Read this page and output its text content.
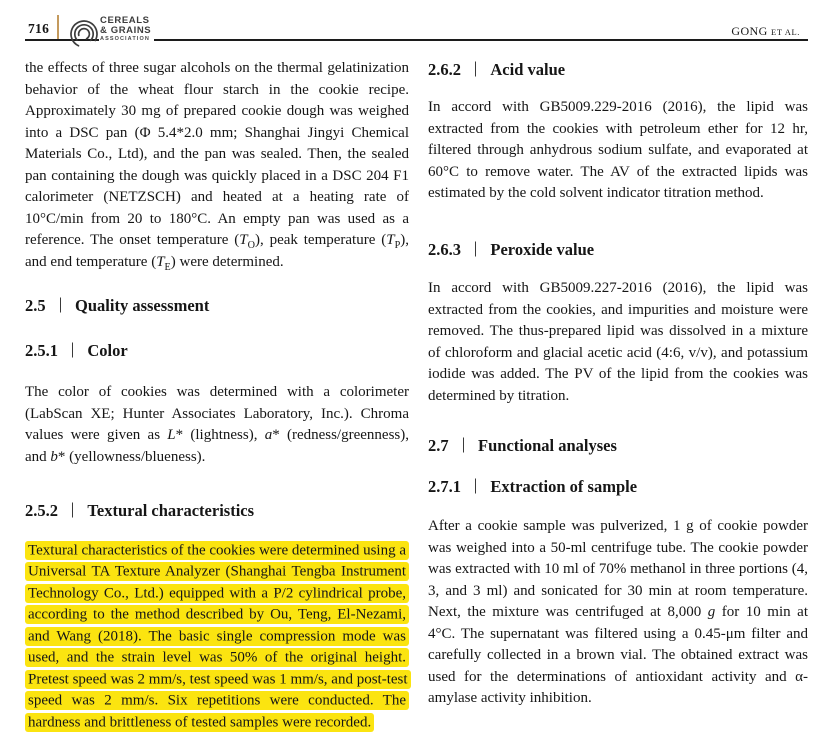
716
CEREALS
& GRAINS
ASSOCIATION
GONG ET AL.

the effects of three sugar alcohols on the thermal gelatinization behavior of the wheat flour starch in the cookie recipe. Approximately 30 mg of prepared cookie dough was weighed into a DSC pan (Φ 5.4*2.0 mm; Shanghai Jingyi Chemical Materials Co., Ltd), and the pan was sealed. Then, the sealed pan containing the dough was quickly placed in a DSC 204 F1 calorimeter (NETZSCH) and heated at a heating rate of 10°C/min from 20 to 180°C. An empty pan was used as a reference. The onset temperature $(T_O)$, peak temperature $(T_P)$, and end temperature $(T_E)$ were determined.

2.5 Quality assessment
2.5.1 Color

The color of cookies was determined with a colorimeter (LabScan XE; Hunter Associates Laboratory, Inc.). Chroma values were given as L* (lightness), a* (redness/greenness), and b* (yellowness/blueness).

2.5.2 Textural characteristics

Textural characteristics of the cookies were determined using a Universal TA Texture Analyzer (Shanghai Tengba Instrument Technology Co., Ltd.) equipped with a P/2 cylindrical probe, according to the method described by Ou, Teng, El-Nezami, and Wang (2018). The basic single compression mode was used, and the strain level was 50% of the original height. Pretest speed was 2 mm/s, test speed was 1 mm/s, and post-test speed was 2 mm/s. Six repetitions were conducted. The hardness and brittleness of tested samples were recorded.

2.6.2 Acid value

In accord with GB5009.229-2016 (2016), the lipid was extracted from the cookies with petroleum ether for 12 hr, filtered through anhydrous sodium sulfate, and evaporated at 60°C to remove water. The AV of the extracted lipids was estimated by the cold solvent indicator titration method.

2.6.3 Peroxide value

In accord with GB5009.227-2016 (2016), the lipid was extracted from the cookies, and impurities and moisture were removed. The thus-prepared lipid was dissolved in a mixture of chloroform and glacial acetic acid (4:6, v/v), and potassium iodide was added. The PV of the lipid from the cookies was determined by titration.

2.7 Functional analyses
2.7.1 Extraction of sample

After a cookie sample was pulverized, 1 g of cookie powder was weighed into a 50-ml centrifuge tube. The cookie powder was extracted with 10 ml of 70% methanol in three portions (4, 3, and 3 ml) and sonicated for 30 min at room temperature. Next, the mixture was centrifuged at 8,000 g for 10 min at 4°C. The supernatant was filtered using a 0.45-μm filter and carefully collected in a brown vial. The obtained extract was used for the determinations of antioxidant activity and α-amylase activity inhibition.
